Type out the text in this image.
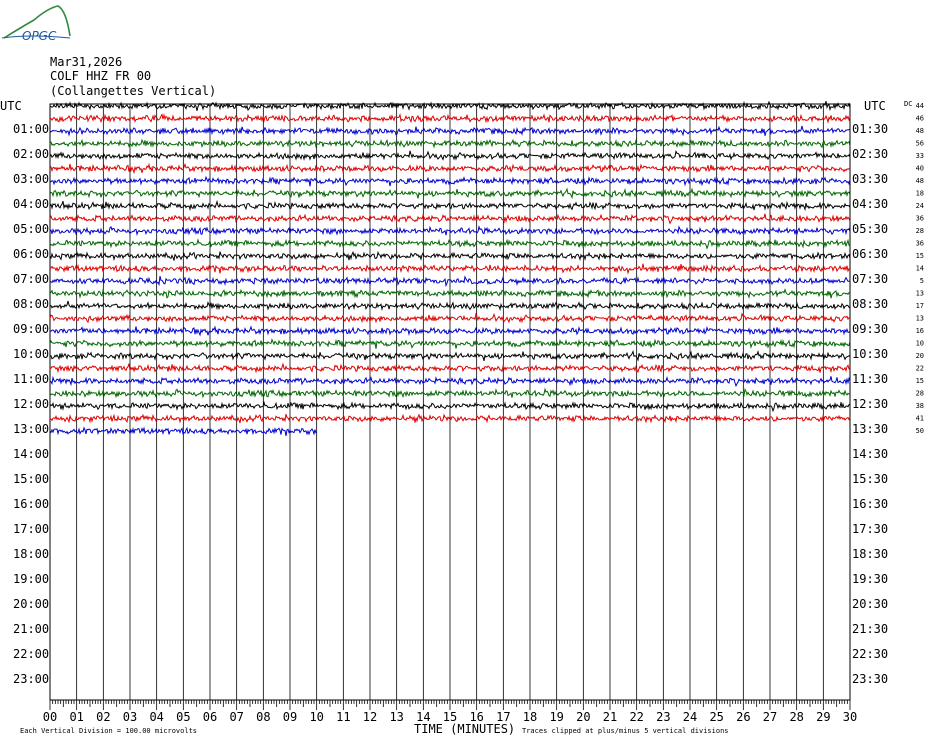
OPGC
Mar31,2026
COLF HHZ FR 00
(Collangettes Vertical)
UTC	UTC	DC
01:00
02:00
03:00
04:00
05:00
06:00
07:00
08:00
09:00
10:00
11:00
12:00
13:00
14:00
15:00
16:00
17:00
18:00
19:00
20:00
21:00
22:00
23:00
01:30
02:30
03:30
04:30
05:30
06:30
07:30
08:30
09:30
10:30
11:30
12:30
13:30
14:30
15:30
16:30
17:30
18:30
19:30
20:30
21:30
22:30
23:30
44
46
48
56
33
40
48
18
24
36
28
36
15
14
5
13
17
13
16
10
20
22
15
28
38
41
50
00 01 02 03 04 05 06 07 08 09 10 11 12 13 14 15 16 17 18 19 20 21 22 23 24 25 26 27 28 29 30
TIME (MINUTES)
Each Vertical Division = 100.00 microvolts	Traces clipped at plus/minus 5 vertical divisions
